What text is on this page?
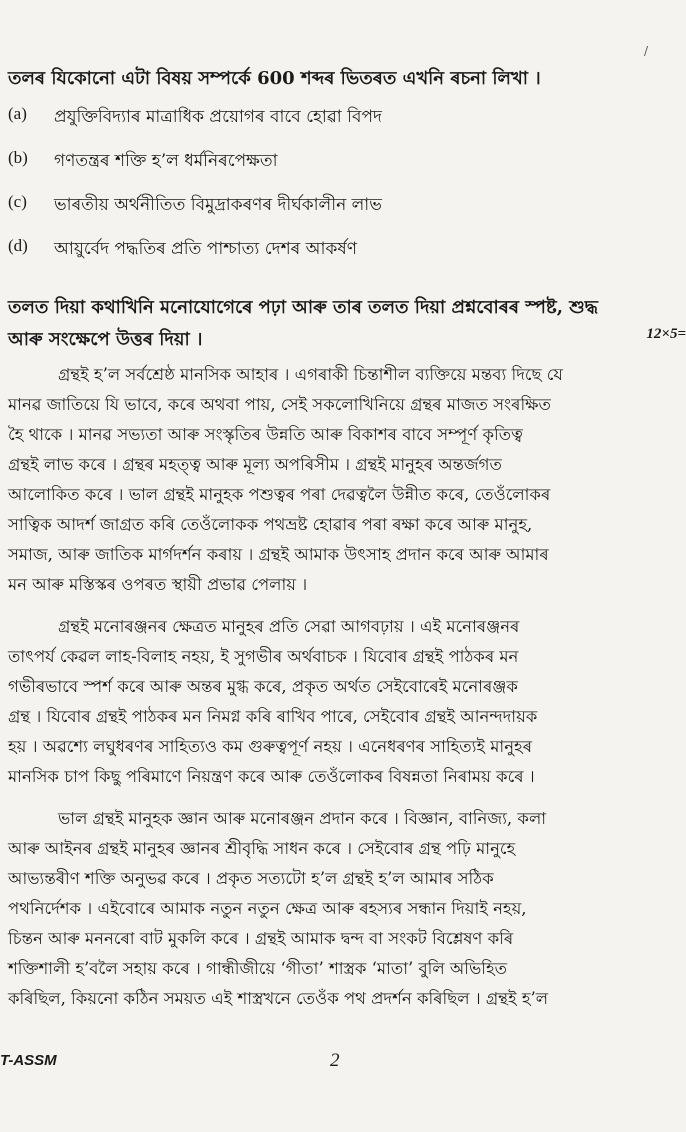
/
তলৰ যিকোনো এটা বিষয় সম্পৰ্কে 600 শব্দৰ ভিতৰত এখনি ৰচনা লিখা ।
(a)	প্ৰযুক্তিবিদ্যাৰ মাত্ৰাধিক প্ৰয়োগৰ বাবে হোৱা বিপদ
(b)	গণতন্ত্ৰৰ শক্তি হ’ল ধৰ্মনিৰপেক্ষতা
(c)	ভাৰতীয় অৰ্থনীতিত বিমুদ্ৰাকৰণৰ দীৰ্ঘকালীন লাভ
(d)	আয়ুৰ্বেদ পদ্ধতিৰ প্ৰতি পাশ্চাত্য দেশৰ আকৰ্ষণ
তলত দিয়া কথাখিনি মনোযোগেৰে পঢ়া আৰু তাৰ তলত দিয়া প্ৰশ্নবোৰৰ স্পষ্ট, শুদ্ধ
আৰু সংক্ষেপে উত্তৰ দিয়া ।	12×5=

গ্ৰন্থই হ’ল সৰ্বশ্ৰেষ্ঠ মানসিক আহাৰ । এগৰাকী চিন্তাশীল ব্যক্তিয়ে মন্তব্য দিছে যে
মানৱ জাতিয়ে যি ভাবে, কৰে অথবা পায়, সেই সকলোখিনিয়ে গ্ৰন্থৰ মাজত সংৰক্ষিত
হৈ থাকে । মানৱ সভ্যতা আৰু সংস্কৃতিৰ উন্নতি আৰু বিকাশৰ বাবে সম্পূৰ্ণ কৃতিত্ব
গ্ৰন্থই লাভ কৰে । গ্ৰন্থৰ মহত্ত্ব আৰু মূল্য অপৰিসীম । গ্ৰন্থই মানুহৰ অন্তৰ্জগত
আলোকিত কৰে । ভাল গ্ৰন্থই মানুহক পশুত্বৰ পৰা দেৱত্বলৈ উন্নীত কৰে, তেওঁলোকৰ
সাত্বিক আদৰ্শ জাগ্ৰত কৰি তেওঁলোকক পথভ্ৰষ্ট হোৱাৰ পৰা ৰক্ষা কৰে আৰু মানুহ,
সমাজ, আৰু জাতিক মাৰ্গদৰ্শন কৰায় । গ্ৰন্থই আমাক উৎসাহ প্ৰদান কৰে আৰু আমাৰ
মন আৰু মস্তিস্কৰ ওপৰত স্থায়ী প্ৰভাৱ পেলায় ।

গ্ৰন্থই মনোৰঞ্জনৰ ক্ষেত্ৰত মানুহৰ প্ৰতি সেৱা আগবঢ়ায় । এই মনোৰঞ্জনৰ
তাৎপৰ্য কেৱল লাহ-বিলাহ নহয়, ই সুগভীৰ অৰ্থবাচক । যিবোৰ গ্ৰন্থই পাঠকৰ মন
গভীৰভাবে স্পৰ্শ কৰে আৰু অন্তৰ মুগ্ধ কৰে, প্ৰকৃত অৰ্থত সেইবোৰেই মনোৰঞ্জক
গ্ৰন্থ । যিবোৰ গ্ৰন্থই পাঠকৰ মন নিমগ্ন কৰি ৰাখিব পাৰে, সেইবোৰ গ্ৰন্থই আনন্দদায়ক
হয় । অৱশ্যে লঘুধৰণৰ সাহিত্যও কম গুৰুত্বপূৰ্ণ নহয় । এনেধৰণৰ সাহিত্যই মানুহৰ
মানসিক চাপ কিছু পৰিমাণে নিয়ন্ত্ৰণ কৰে আৰু তেওঁলোকৰ বিষন্নতা নিৰাময় কৰে ।

ভাল গ্ৰন্থই মানুহক জ্ঞান আৰু মনোৰঞ্জন প্ৰদান কৰে । বিজ্ঞান, বানিজ্য, কলা
আৰু আইনৰ গ্ৰন্থই মানুহৰ জ্ঞানৰ শ্ৰীবৃদ্ধি সাধন কৰে । সেইবোৰ গ্ৰন্থ পঢ়ি মানুহে
আভ্যন্তৰীণ শক্তি অনুভৱ কৰে । প্ৰকৃত সত্যটো হ’ল গ্ৰন্থই হ’ল আমাৰ সঠিক
পথনিৰ্দেশক । এইবোৰে আমাক নতুন নতুন ক্ষেত্ৰ আৰু ৰহস্যৰ সন্ধান দিয়াই নহয়,
চিন্তন আৰু মননৰো বাট মুকলি কৰে । গ্ৰন্থই আমাক দ্বন্দ বা সংকট বিশ্লেষণ কৰি
শক্তিশালী হ’বলৈ সহায় কৰে । গান্ধীজীয়ে ‘গীতা’ শাস্ত্ৰক ‘মাতা’ বুলি অভিহিত
কৰিছিল, কিয়নো কঠিন সময়ত এই শাস্ত্ৰখনে তেওঁক পথ প্ৰদৰ্শন কৰিছিল । গ্ৰন্থই হ’ল

T-ASSM	2
